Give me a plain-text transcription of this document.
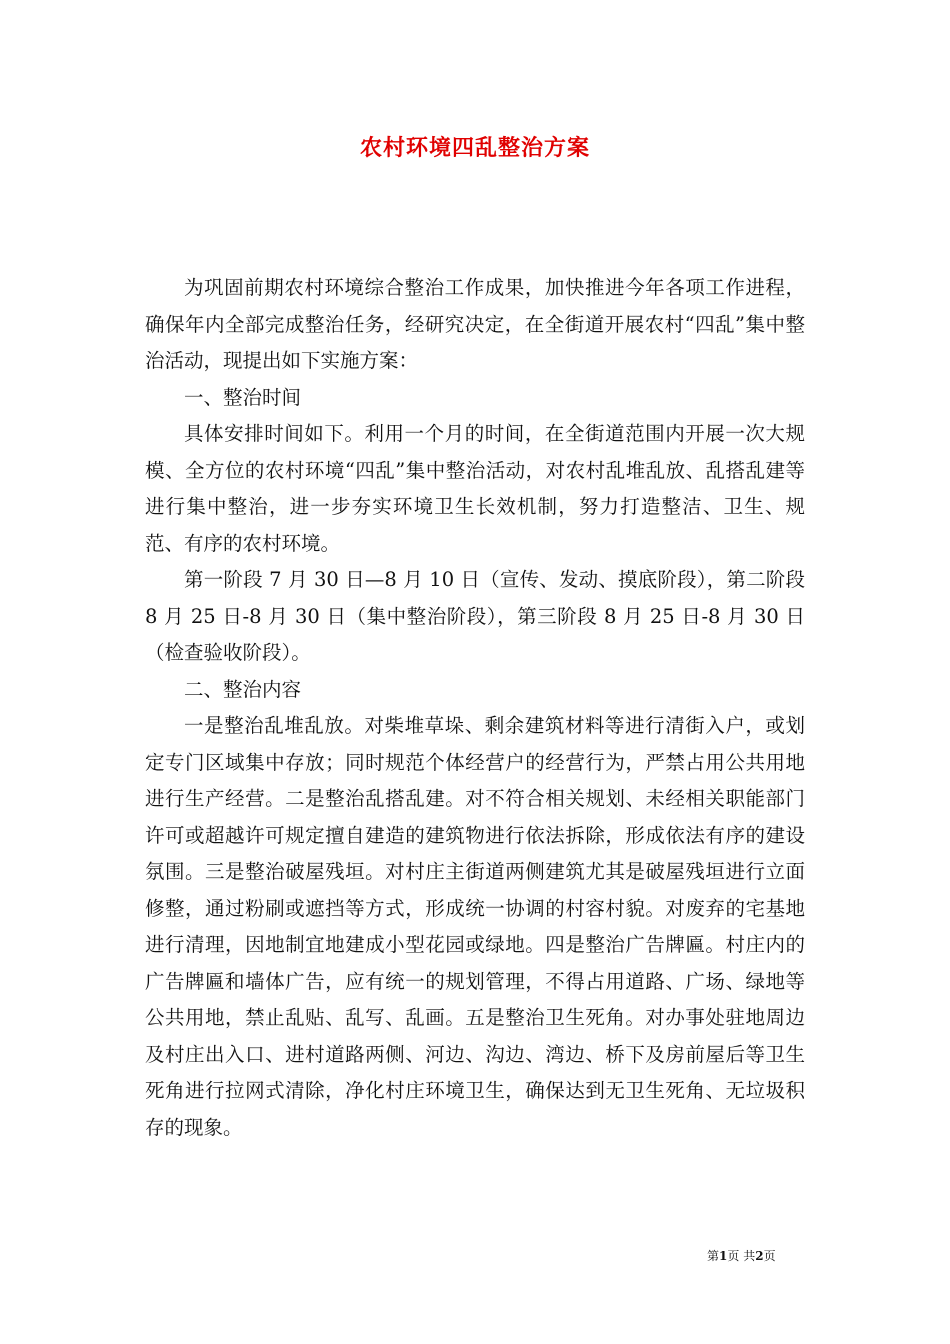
农村环境四乱整治方案

为巩固前期农村环境综合整治工作成果，加快推进今年各项工作进程，确保年内全部完成整治任务，经研究决定，在全街道开展农村“四乱”集中整治活动，现提出如下实施方案：

一、整治时间

具体安排时间如下。利用一个月的时间，在全街道范围内开展一次大规模、全方位的农村环境“四乱”集中整治活动，对农村乱堆乱放、乱搭乱建等进行集中整治，进一步夯实环境卫生长效机制，努力打造整洁、卫生、规范、有序的农村环境。

第一阶段 7 月 30 日—8 月 10 日（宣传、发动、摸底阶段），第二阶段 8 月 25 日-8 月 30 日（集中整治阶段），第三阶段 8 月 25 日-8 月 30 日（检查验收阶段）。

二、整治内容

一是整治乱堆乱放。对柴堆草垛、剩余建筑材料等进行清街入户，或划定专门区域集中存放；同时规范个体经营户的经营行为，严禁占用公共用地进行生产经营。二是整治乱搭乱建。对不符合相关规划、未经相关职能部门许可或超越许可规定擅自建造的建筑物进行依法拆除，形成依法有序的建设氛围。三是整治破屋残垣。对村庄主街道两侧建筑尤其是破屋残垣进行立面修整，通过粉刷或遮挡等方式，形成统一协调的村容村貌。对废弃的宅基地进行清理，因地制宜地建成小型花园或绿地。四是整治广告牌匾。村庄内的广告牌匾和墙体广告，应有统一的规划管理，不得占用道路、广场、绿地等公共用地，禁止乱贴、乱写、乱画。五是整治卫生死角。对办事处驻地周边及村庄出入口、进村道路两侧、河边、沟边、湾边、桥下及房前屋后等卫生死角进行拉网式清除，净化村庄环境卫生，确保达到无卫生死角、无垃圾积存的现象。

第1页 共2页
